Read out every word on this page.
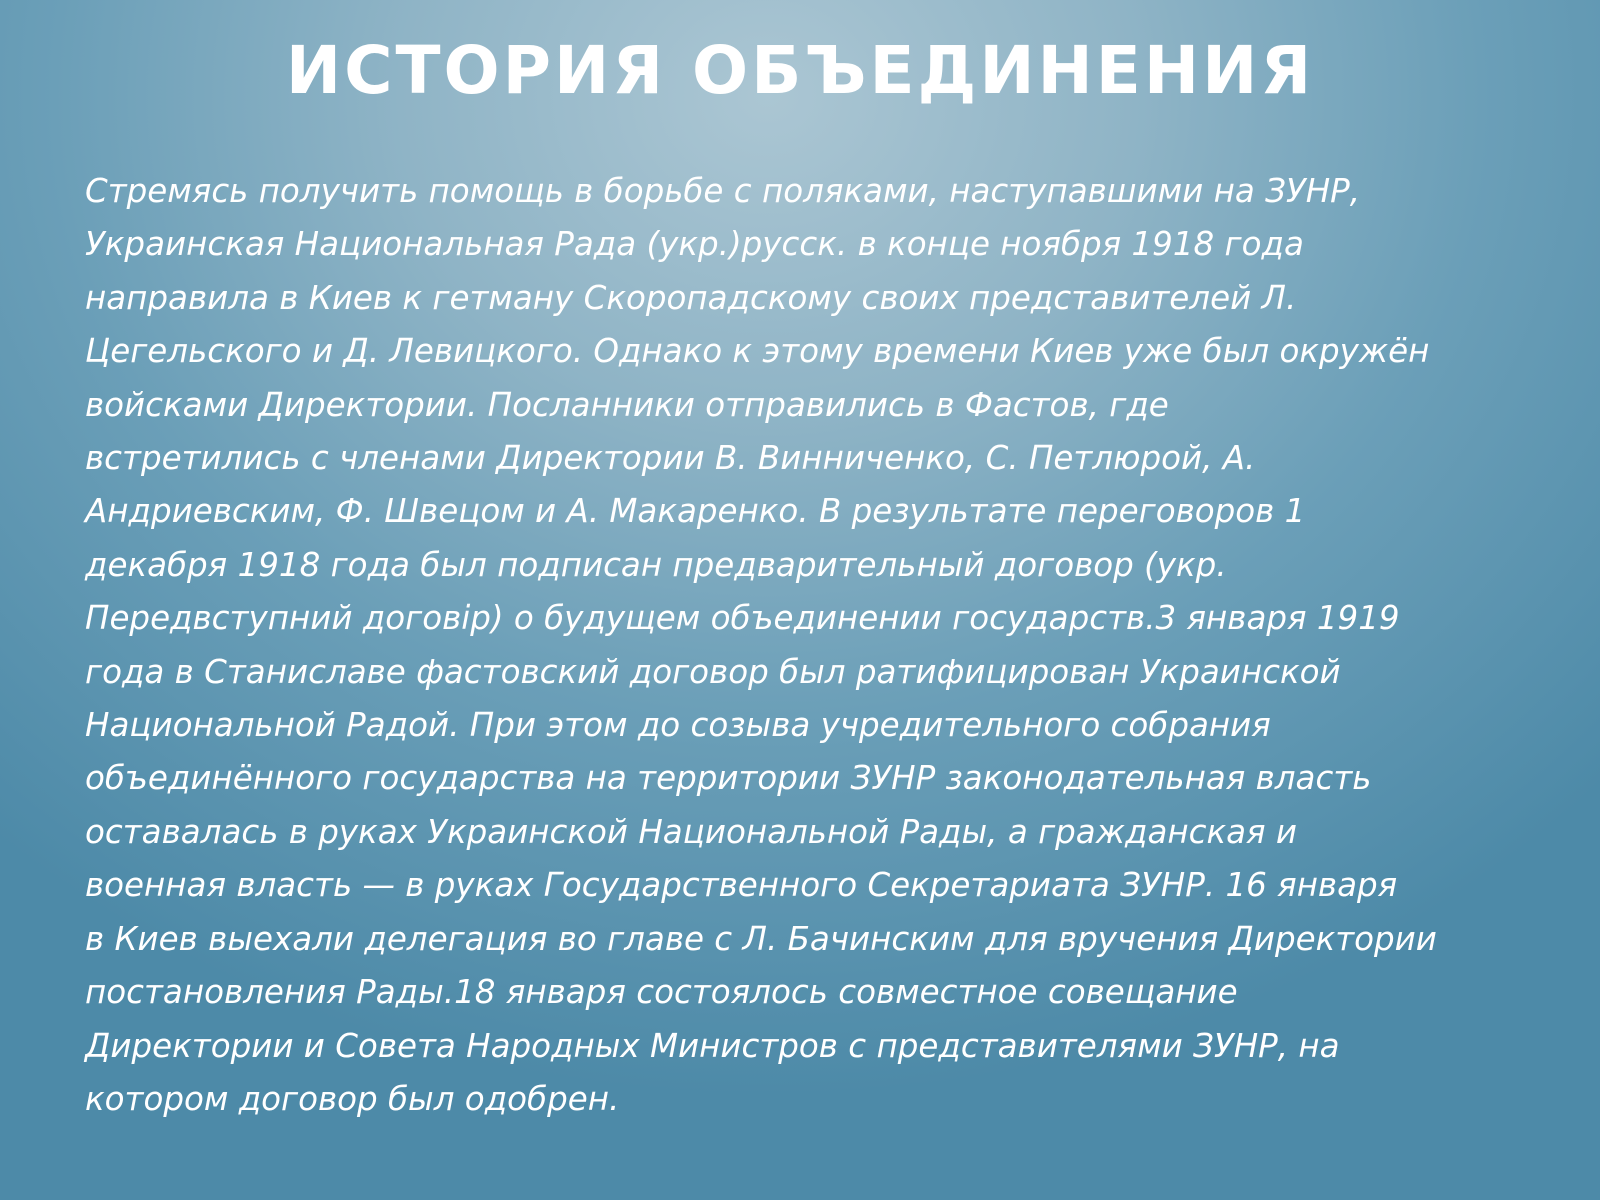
ИСТОРИЯ ОБЪЕДИНЕНИЯ

Стремясь получить помощь в борьбе с поляками, наступавшими на ЗУНР,
Украинская Национальная Рада (укр.)русск. в конце ноября 1918 года
направила в Киев к гетману Скоропадскому своих представителей Л.
Цегельского и Д. Левицкого. Однако к этому времени Киев уже был окружён
войсками Директории. Посланники отправились в Фастов, где
встретились с членами Директории В. Винниченко, С. Петлюрой, А.
Андриевским, Ф. Швецом и А. Макаренко. В результате переговоров 1
декабря 1918 года был подписан предварительный договор (укр.
Передвступний договір) о будущем объединении государств.3 января 1919
года в Станиславе фастовский договор был ратифицирован Украинской
Национальной Радой. При этом до созыва учредительного собрания
объединённого государства на территории ЗУНР законодательная власть
оставалась в руках Украинской Национальной Рады, а гражданская и
военная власть — в руках Государственного Секретариата ЗУНР. 16 января
в Киев выехали делегация во главе с Л. Бачинским для вручения Директории
постановления Рады.18 января состоялось совместное совещание
Директории и Совета Народных Министров с представителями ЗУНР, на
котором договор был одобрен.
